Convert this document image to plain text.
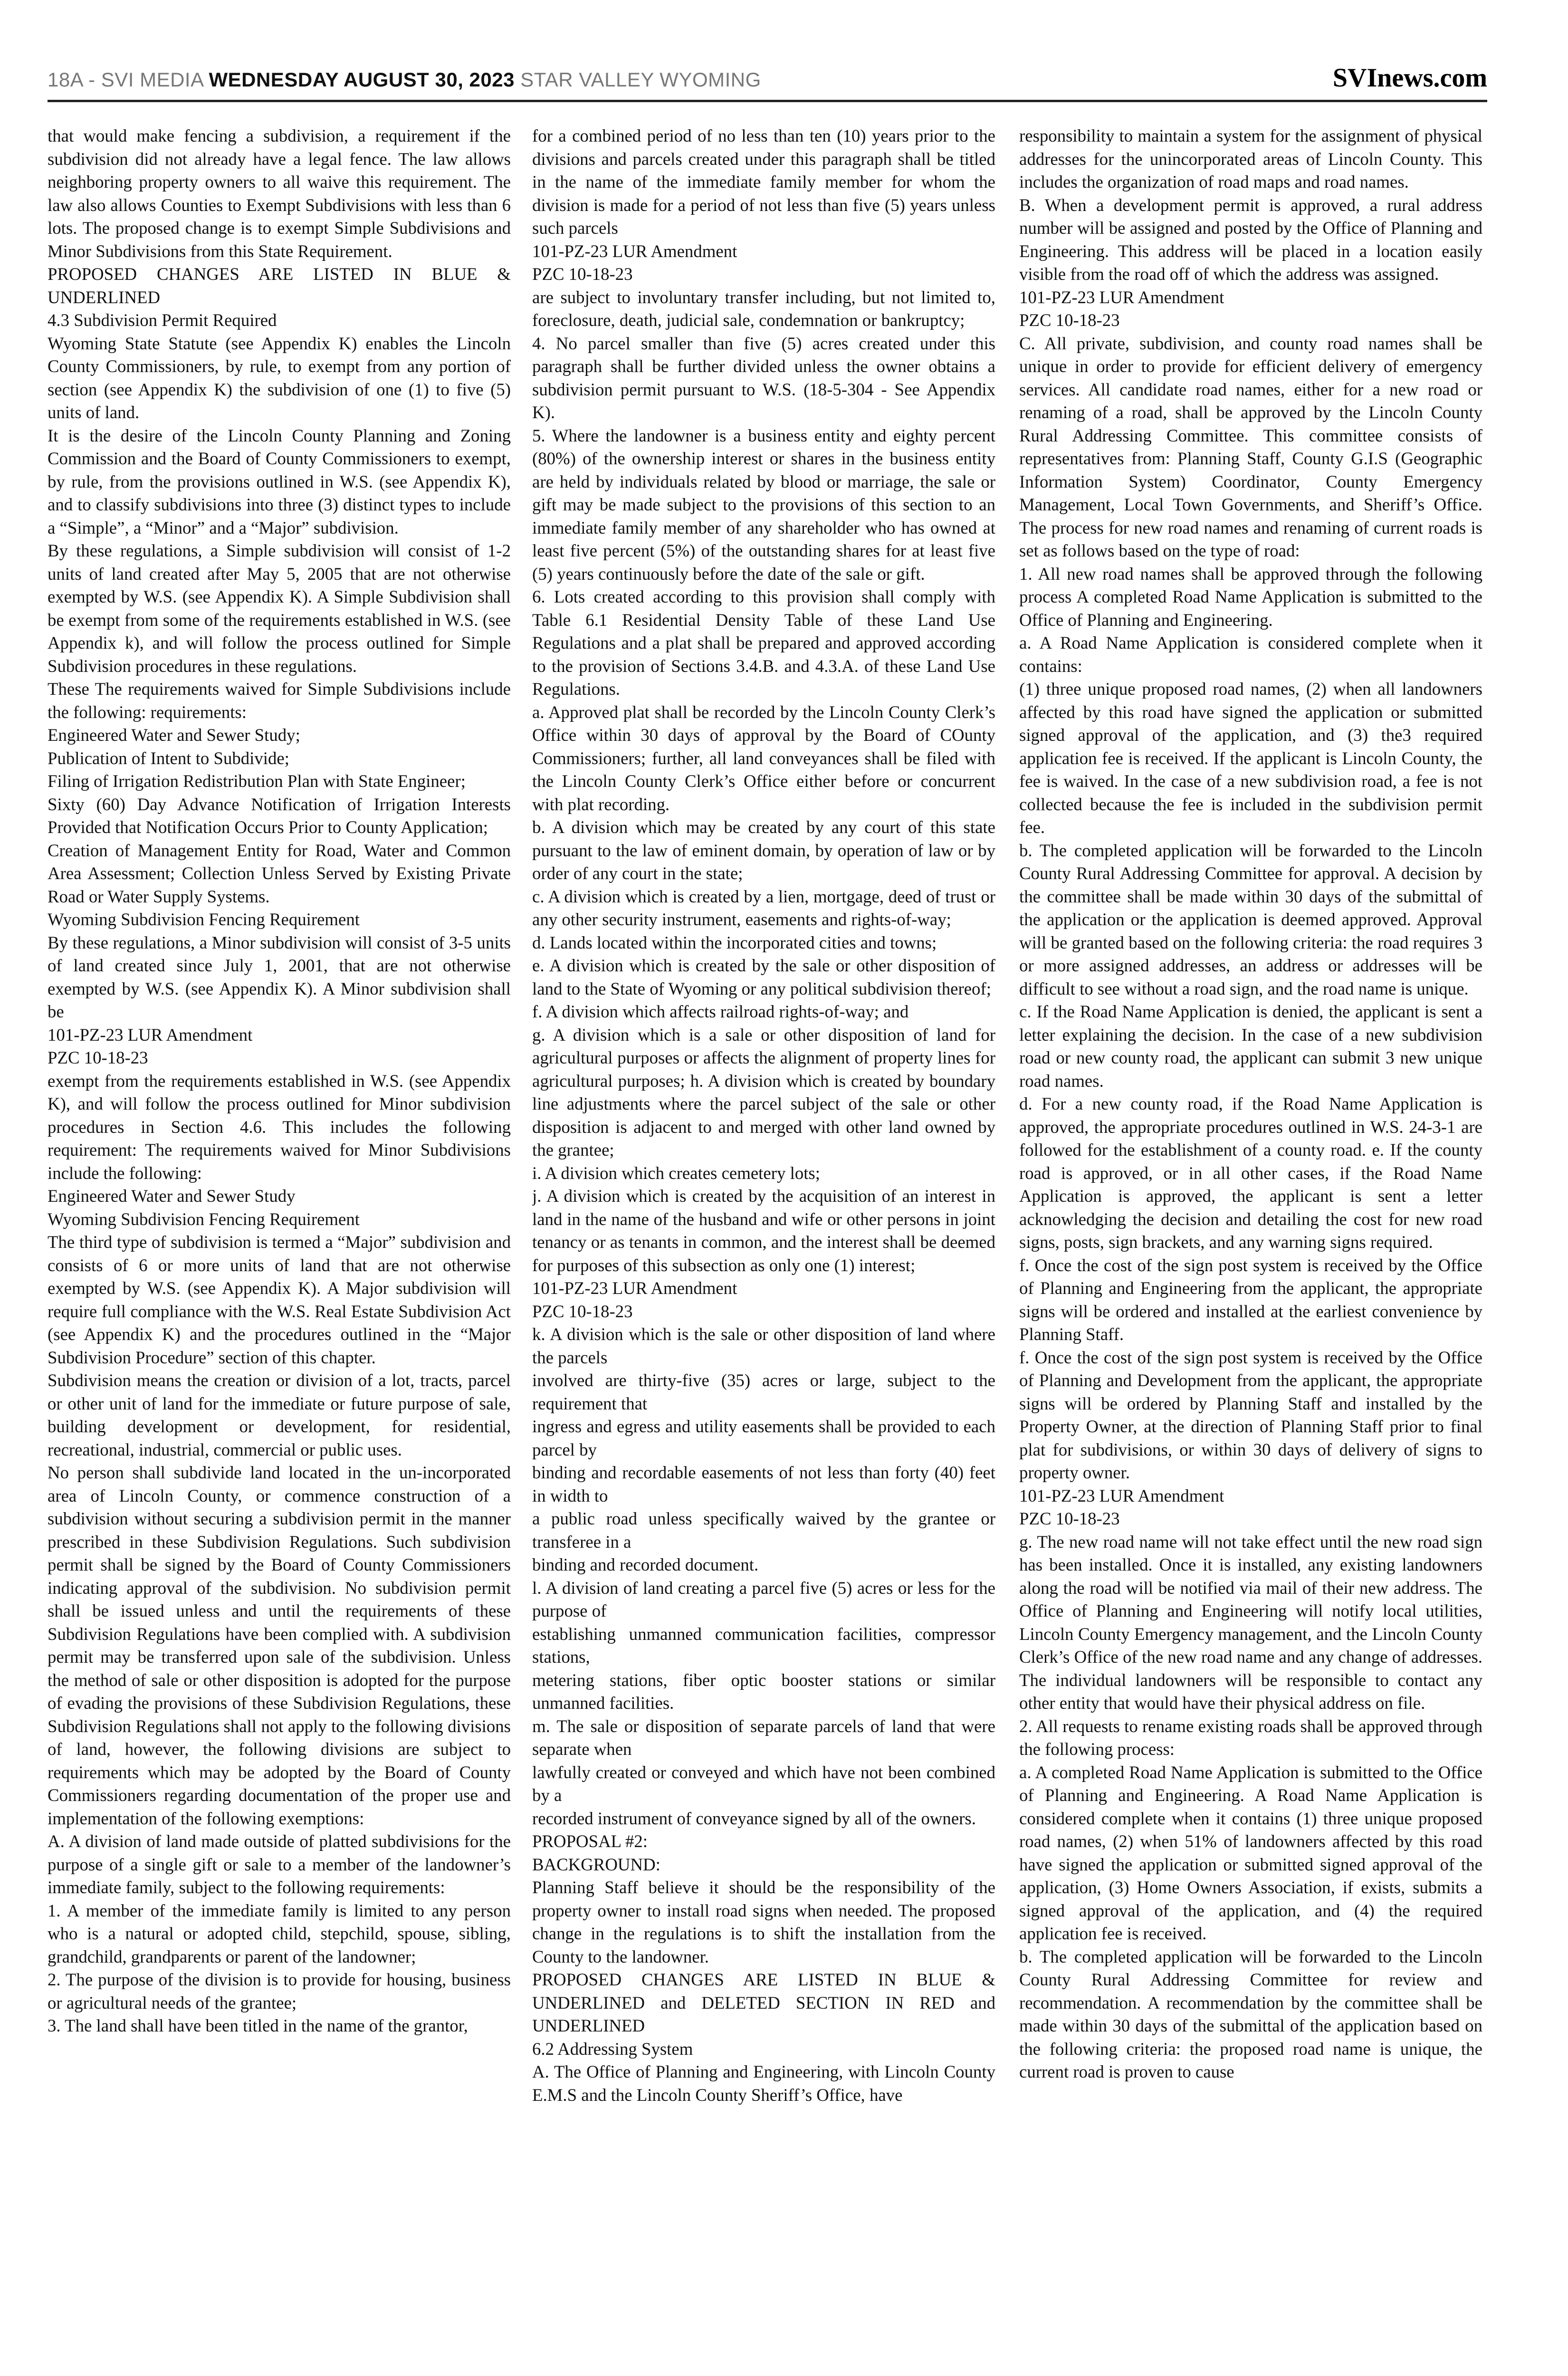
18A - SVI MEDIA WEDNESDAY AUGUST 30, 2023 STAR VALLEY WYOMING	SVInews.com

that would make fencing a subdivision, a requirement if the subdivision did not already have a legal fence. The law allows neighboring property owners to all waive this requirement. The law also allows Counties to Exempt Subdivisions with less than 6 lots. The proposed change is to exempt Simple Subdivisions and Minor Subdivisions from this State Requirement.

PROPOSED CHANGES ARE LISTED IN BLUE & UNDERLINED

4.3 Subdivision Permit Required

Wyoming State Statute (see Appendix K) enables the Lincoln County Commissioners, by rule, to exempt from any portion of section (see Appendix K) the subdivision of one (1) to five (5) units of land.

It is the desire of the Lincoln County Planning and Zoning Commission and the Board of County Commissioners to exempt, by rule, from the provisions outlined in W.S. (see Appendix K), and to classify subdivisions into three (3) distinct types to include a “Simple”, a “Minor” and a “Major” subdivision.

By these regulations, a Simple subdivision will consist of 1-2 units of land created after May 5, 2005 that are not otherwise exempted by W.S. (see Appendix K). A Simple Subdivision shall be exempt from some of the requirements established in W.S. (see Appendix k), and will follow the process outlined for Simple Subdivision procedures in these regulations.

These The requirements waived for Simple Subdivisions include the following: requirements:

Engineered Water and Sewer Study;

Publication of Intent to Subdivide;

Filing of Irrigation Redistribution Plan with State Engineer;

Sixty (60) Day Advance Notification of Irrigation Interests Provided that Notification Occurs Prior to County Application;

Creation of Management Entity for Road, Water and Common Area Assessment; Collection Unless Served by Existing Private Road or Water Supply Systems.

Wyoming Subdivision Fencing Requirement

By these regulations, a Minor subdivision will consist of 3-5 units of land created since July 1, 2001, that are not otherwise exempted by W.S. (see Appendix K). A Minor subdivision shall be

101-PZ-23 LUR Amendment

PZC 10-18-23

exempt from the requirements established in W.S. (see Appendix K), and will follow the process outlined for Minor subdivision procedures in Section 4.6. This includes the following requirement: The requirements waived for Minor Subdivisions include the following:

Engineered Water and Sewer Study

Wyoming Subdivision Fencing Requirement

The third type of subdivision is termed a “Major” subdivision and consists of 6 or more units of land that are not otherwise exempted by W.S. (see Appendix K). A Major subdivision will require full compliance with the W.S. Real Estate Subdivision Act (see Appendix K) and the procedures outlined in the “Major Subdivision Procedure” section of this chapter.

Subdivision means the creation or division of a lot, tracts, parcel or other unit of land for the immediate or future purpose of sale, building development or development, for residential, recreational, industrial, commercial or public uses.

No person shall subdivide land located in the un-incorporated area of Lincoln County, or commence construction of a subdivision without securing a subdivision permit in the manner prescribed in these Subdivision Regulations. Such subdivision permit shall be signed by the Board of County Commissioners indicating approval of the subdivision. No subdivision permit shall be issued unless and until the requirements of these Subdivision Regulations have been complied with. A subdivision permit may be transferred upon sale of the subdivision. Unless the method of sale or other disposition is adopted for the purpose of evading the provisions of these Subdivision Regulations, these Subdivision Regulations shall not apply to the following divisions of land, however, the following divisions are subject to requirements which may be adopted by the Board of County Commissioners regarding documentation of the proper use and implementation of the following exemptions:

A. A division of land made outside of platted subdivisions for the purpose of a single gift or sale to a member of the landowner’s immediate family, subject to the following requirements:

1. A member of the immediate family is limited to any person who is a natural or adopted child, stepchild, spouse, sibling, grandchild, grandparents or parent of the landowner;

2. The purpose of the division is to provide for housing, business or agricultural needs of the grantee;

3. The land shall have been titled in the name of the grantor,

for a combined period of no less than ten (10) years prior to the divisions and parcels created under this paragraph shall be titled in the name of the immediate family member for whom the division is made for a period of not less than five (5) years unless such parcels

101-PZ-23 LUR Amendment

PZC 10-18-23

are subject to involuntary transfer including, but not limited to, foreclosure, death, judicial sale, condemnation or bankruptcy;

4. No parcel smaller than five (5) acres created under this paragraph shall be further divided unless the owner obtains a subdivision permit pursuant to W.S. (18-5-304 - See Appendix K).

5. Where the landowner is a business entity and eighty percent (80%) of the ownership interest or shares in the business entity are held by individuals related by blood or marriage, the sale or gift may be made subject to the provisions of this section to an immediate family member of any shareholder who has owned at least five percent (5%) of the outstanding shares for at least five (5) years continuously before the date of the sale or gift.

6. Lots created according to this provision shall comply with Table 6.1 Residential Density Table of these Land Use Regulations and a plat shall be prepared and approved according to the provision of Sections 3.4.B. and 4.3.A. of these Land Use Regulations.

a. Approved plat shall be recorded by the Lincoln County Clerk’s Office within 30 days of approval by the Board of COunty Commissioners; further, all land conveyances shall be filed with the Lincoln County Clerk’s Office either before or concurrent with plat recording.

b. A division which may be created by any court of this state pursuant to the law of eminent domain, by operation of law or by order of any court in the state;

c. A division which is created by a lien, mortgage, deed of trust or any other security instrument, easements and rights-of-way;

d. Lands located within the incorporated cities and towns;

e. A division which is created by the sale or other disposition of land to the State of Wyoming or any political subdivision thereof;

f. A division which affects railroad rights-of-way; and

g. A division which is a sale or other disposition of land for agricultural purposes or affects the alignment of property lines for agricultural purposes; h. A division which is created by boundary line adjustments where the parcel subject of the sale or other disposition is adjacent to and merged with other land owned by the grantee;

i. A division which creates cemetery lots;

j. A division which is created by the acquisition of an interest in land in the name of the husband and wife or other persons in joint tenancy or as tenants in common, and the interest shall be deemed for purposes of this subsection as only one (1) interest;

101-PZ-23 LUR Amendment

PZC 10-18-23

k. A division which is the sale or other disposition of land where the parcels

involved are thirty-five (35) acres or large, subject to the requirement that

ingress and egress and utility easements shall be provided to each parcel by

binding and recordable easements of not less than forty (40) feet in width to

a public road unless specifically waived by the grantee or transferee in a

binding and recorded document.

l. A division of land creating a parcel five (5) acres or less for the purpose of

establishing unmanned communication facilities, compressor stations,

metering stations, fiber optic booster stations or similar unmanned facilities.

m. The sale or disposition of separate parcels of land that were separate when

lawfully created or conveyed and which have not been combined by a

recorded instrument of conveyance signed by all of the owners.

PROPOSAL #2:

BACKGROUND:

Planning Staff believe it should be the responsibility of the property owner to install road signs when needed. The proposed change in the regulations is to shift the installation from the County to the landowner.

PROPOSED CHANGES ARE LISTED IN BLUE & UNDERLINED and DELETED SECTION IN RED and UNDERLINED

6.2 Addressing System

A. The Office of Planning and Engineering, with Lincoln County E.M.S and the Lincoln County Sheriff’s Office, have

responsibility to maintain a system for the assignment of physical addresses for the unincorporated areas of Lincoln County. This includes the organization of road maps and road names.

B. When a development permit is approved, a rural address number will be assigned and posted by the Office of Planning and Engineering. This address will be placed in a location easily visible from the road off of which the address was assigned.

101-PZ-23 LUR Amendment

PZC 10-18-23

C. All private, subdivision, and county road names shall be unique in order to provide for efficient delivery of emergency services. All candidate road names, either for a new road or renaming of a road, shall be approved by the Lincoln County Rural Addressing Committee. This committee consists of representatives from: Planning Staff, County G.I.S (Geographic Information System) Coordinator, County Emergency Management, Local Town Governments, and Sheriff’s Office. The process for new road names and renaming of current roads is set as follows based on the type of road:

1. All new road names shall be approved through the following process A completed Road Name Application is submitted to the Office of Planning and Engineering.

a. A Road Name Application is considered complete when it contains:

(1) three unique proposed road names, (2) when all landowners affected by this road have signed the application or submitted signed approval of the application, and (3) the3 required application fee is received. If the applicant is Lincoln County, the fee is waived. In the case of a new subdivision road, a fee is not collected because the fee is included in the subdivision permit fee.

b. The completed application will be forwarded to the Lincoln County Rural Addressing Committee for approval. A decision by the committee shall be made within 30 days of the submittal of the application or the application is deemed approved. Approval will be granted based on the following criteria: the road requires 3 or more assigned addresses, an address or addresses will be difficult to see without a road sign, and the road name is unique.

c. If the Road Name Application is denied, the applicant is sent a letter explaining the decision. In the case of a new subdivision road or new county road, the applicant can submit 3 new unique road names.

d. For a new county road, if the Road Name Application is approved, the appropriate procedures outlined in W.S. 24-3-1 are followed for the establishment of a county road. e. If the county road is approved, or in all other cases, if the Road Name Application is approved, the applicant is sent a letter acknowledging the decision and detailing the cost for new road signs, posts, sign brackets, and any warning signs required.

f. Once the cost of the sign post system is received by the Office of Planning and Engineering from the applicant, the appropriate signs will be ordered and installed at the earliest convenience by Planning Staff.

f. Once the cost of the sign post system is received by the Office of Planning and Development from the applicant, the appropriate signs will be ordered by Planning Staff and installed by the Property Owner, at the direction of Planning Staff prior to final plat for subdivisions, or within 30 days of delivery of signs to property owner.

101-PZ-23 LUR Amendment

PZC 10-18-23

g. The new road name will not take effect until the new road sign has been installed. Once it is installed, any existing landowners along the road will be notified via mail of their new address. The Office of Planning and Engineering will notify local utilities, Lincoln County Emergency management, and the Lincoln County Clerk’s Office of the new road name and any change of addresses. The individual landowners will be responsible to contact any other entity that would have their physical address on file.

2. All requests to rename existing roads shall be approved through the following process:

a. A completed Road Name Application is submitted to the Office of Planning and Engineering. A Road Name Application is considered complete when it contains (1) three unique proposed road names, (2) when 51% of landowners affected by this road have signed the application or submitted signed approval of the application, (3) Home Owners Association, if exists, submits a signed approval of the application, and (4) the required application fee is received.

b. The completed application will be forwarded to the Lincoln County Rural Addressing Committee for review and recommendation. A recommendation by the committee shall be made within 30 days of the submittal of the application based on the following criteria: the proposed road name is unique, the current road is proven to cause
